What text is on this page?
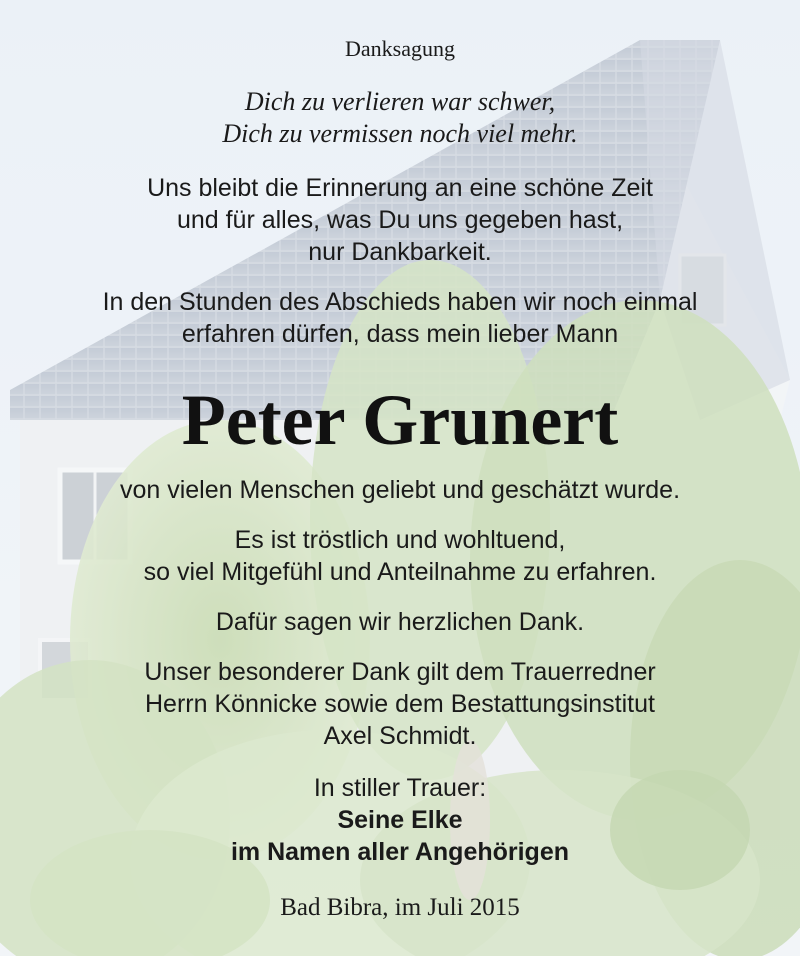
Danksagung

Dich zu verlieren war schwer,
Dich zu vermissen noch viel mehr.

Uns bleibt die Erinnerung an eine schöne Zeit
und für alles, was Du uns gegeben hast,
nur Dankbarkeit.

In den Stunden des Abschieds haben wir noch einmal
erfahren dürfen, dass mein lieber Mann

Peter Grunert

von vielen Menschen geliebt und geschätzt wurde.

Es ist tröstlich und wohltuend,
so viel Mitgefühl und Anteilnahme zu erfahren.

Dafür sagen wir herzlichen Dank.

Unser besonderer Dank gilt dem Trauerredner
Herrn Könnicke sowie dem Bestattungsinstitut
Axel Schmidt.

In stiller Trauer:
Seine Elke
im Namen aller Angehörigen

Bad Bibra, im Juli 2015
